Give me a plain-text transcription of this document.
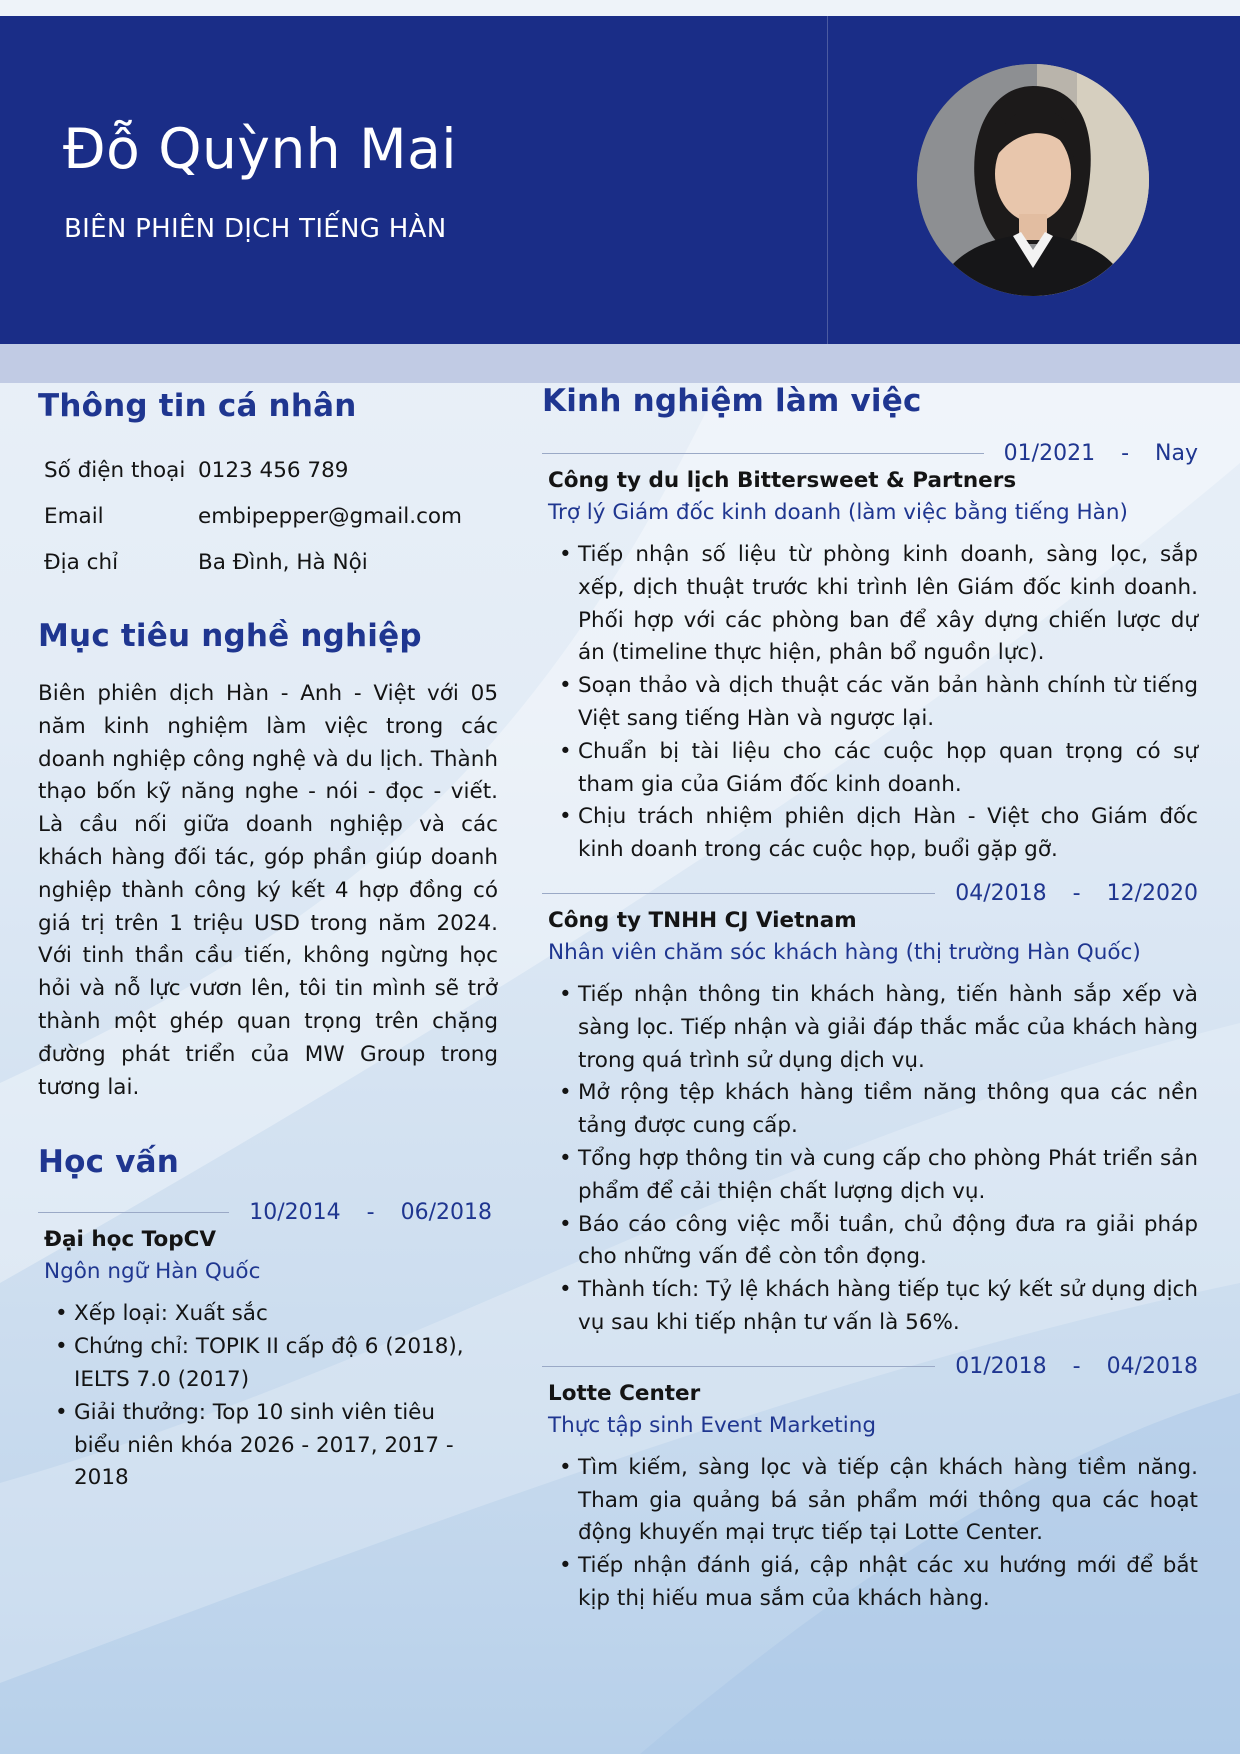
Đỗ Quỳnh Mai
BIÊN PHIÊN DỊCH TIẾNG HÀN
Thông tin cá nhân
Số điện thoại 0123 456 789
Email	embipepper@gmail.com
Địa chỉ	Ba Đình, Hà Nội
Mục tiêu nghề nghiệp

Biên phiên dịch Hàn - Anh - Việt với 05 năm kinh nghiệm làm việc trong các doanh nghiệp công nghệ và du lịch. Thành thạo bốn kỹ năng nghe - nói - đọc - viết. Là cầu nối giữa doanh nghiệp và các khách hàng đối tác, góp phần giúp doanh nghiệp thành công ký kết 4 hợp đồng có giá trị trên 1 triệu USD trong năm 2024. Với tinh thần cầu tiến, không ngừng học hỏi và nỗ lực vươn lên, tôi tin mình sẽ trở thành một ghép quan trọng trên chặng đường phát triển của MW Group trong tương lai.

Học vấn
10/2014 - 06/2018
Đại học TopCV
Ngôn ngữ Hàn Quốc
• Xếp loại: Xuất sắc
• Chứng chỉ: TOPIK II cấp độ 6 (2018), IELTS 7.0 (2017)
• Giải thưởng: Top 10 sinh viên tiêu biểu niên khóa 2026 - 2017, 2017 - 2018
Kinh nghiệm làm việc
01/2021 - Nay
Công ty du lịch Bittersweet & Partners
Trợ lý Giám đốc kinh doanh (làm việc bằng tiếng Hàn)
• Tiếp nhận số liệu từ phòng kinh doanh, sàng lọc, sắp xếp, dịch thuật trước khi trình lên Giám đốc kinh doanh. Phối hợp với các phòng ban để xây dựng chiến lược dự án (timeline thực hiện, phân bổ nguồn lực).
• Soạn thảo và dịch thuật các văn bản hành chính từ tiếng Việt sang tiếng Hàn và ngược lại.
• Chuẩn bị tài liệu cho các cuộc họp quan trọng có sự tham gia của Giám đốc kinh doanh.
• Chịu trách nhiệm phiên dịch Hàn - Việt cho Giám đốc kinh doanh trong các cuộc họp, buổi gặp gỡ.
04/2018 - 12/2020
Công ty TNHH CJ Vietnam
Nhân viên chăm sóc khách hàng (thị trường Hàn Quốc)
• Tiếp nhận thông tin khách hàng, tiến hành sắp xếp và sàng lọc. Tiếp nhận và giải đáp thắc mắc của khách hàng trong quá trình sử dụng dịch vụ.
• Mở rộng tệp khách hàng tiềm năng thông qua các nền tảng được cung cấp.
• Tổng hợp thông tin và cung cấp cho phòng Phát triển sản phẩm để cải thiện chất lượng dịch vụ.
• Báo cáo công việc mỗi tuần, chủ động đưa ra giải pháp cho những vấn đề còn tồn đọng.
• Thành tích: Tỷ lệ khách hàng tiếp tục ký kết sử dụng dịch vụ sau khi tiếp nhận tư vấn là 56%.
01/2018 - 04/2018
Lotte Center
Thực tập sinh Event Marketing
• Tìm kiếm, sàng lọc và tiếp cận khách hàng tiềm năng. Tham gia quảng bá sản phẩm mới thông qua các hoạt động khuyến mại trực tiếp tại Lotte Center.
• Tiếp nhận đánh giá, cập nhật các xu hướng mới để bắt kịp thị hiếu mua sắm của khách hàng.
